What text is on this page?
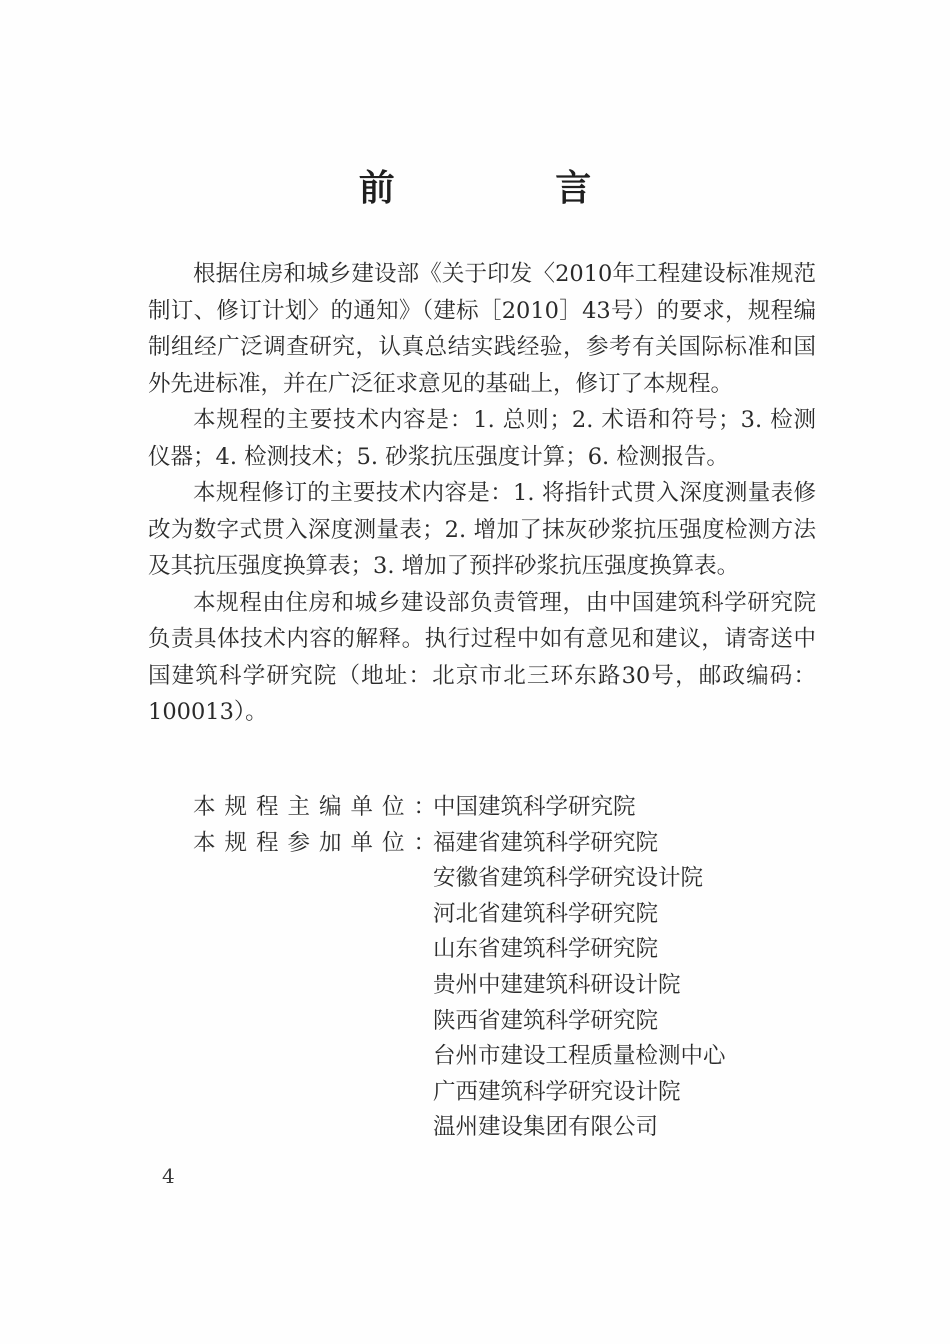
前 言

根据住房和城乡建设部《关于印发〈2010年工程建设标准规范制订、修订计划〉的通知》（建标［2010］43号）的要求，规程编制组经广泛调查研究，认真总结实践经验，参考有关国际标准和国外先进标准，并在广泛征求意见的基础上，修订了本规程。

本规程的主要技术内容是：1. 总则；2. 术语和符号；3. 检测仪器；4. 检测技术；5. 砂浆抗压强度计算；6. 检测报告。

本规程修订的主要技术内容是：1. 将指针式贯入深度测量表修改为数字式贯入深度测量表；2. 增加了抹灰砂浆抗压强度检测方法及其抗压强度换算表；3. 增加了预拌砂浆抗压强度换算表。

本规程由住房和城乡建设部负责管理，由中国建筑科学研究院负责具体技术内容的解释。执行过程中如有意见和建议，请寄送中国建筑科学研究院（地址：北京市北三环东路30号，邮政编码：100013）。

本规程主编单位：
中国建筑科学研究院
本规程参加单位：
福建省建筑科学研究院
安徽省建筑科学研究设计院
河北省建筑科学研究院
山东省建筑科学研究院
贵州中建建筑科研设计院
陕西省建筑科学研究院
台州市建设工程质量检测中心
广西建筑科学研究设计院
温州建设集团有限公司
4
